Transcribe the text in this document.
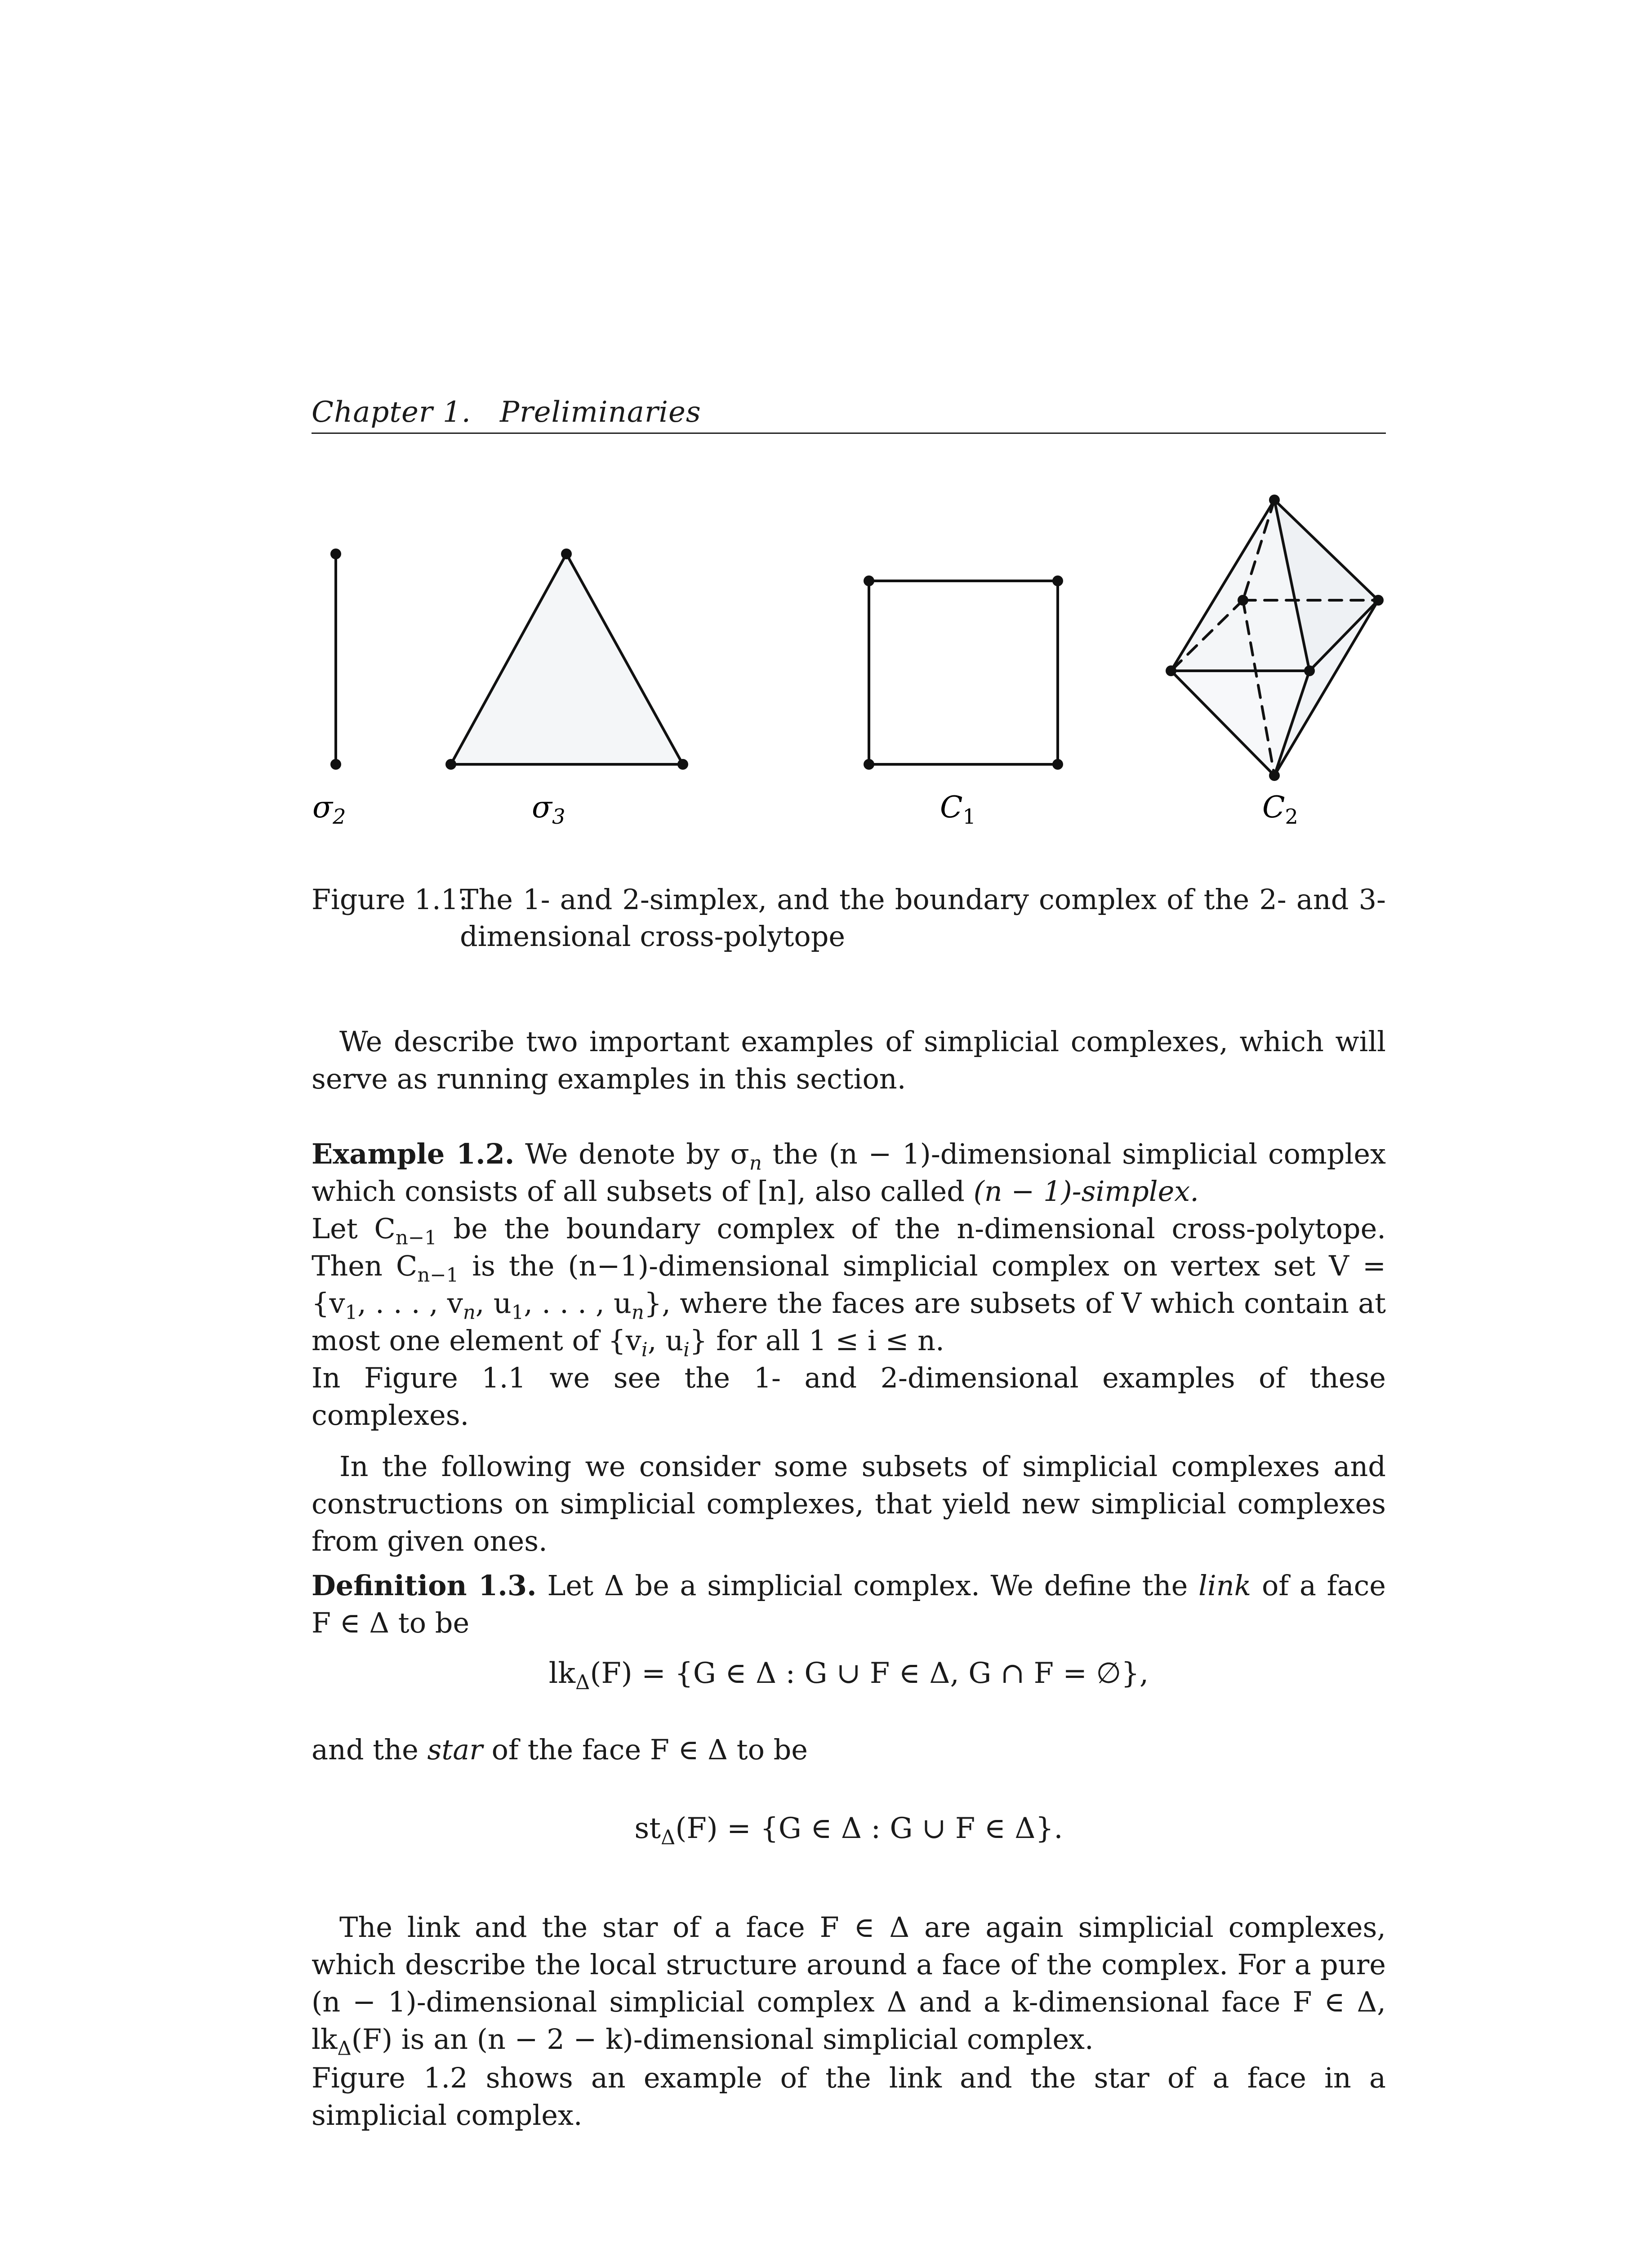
Chapter 1.   Preliminaries
$\sigma_2$	$\sigma_3$	$C_1$	$C_2$
Figure 1.1:
The 1- and 2-simplex, and the boundary complex of the 2- and 3-dimensional cross-polytope
We describe two important examples of simplicial complexes, which will serve as running examples in this section.
Example 1.2. We denote by $\sigma_n$ the (n − 1)-dimensional simplicial complex which consists of all subsets of [n], also called (n − 1)-simplex.
Let $C_{n-1}$ be the boundary complex of the n-dimensional cross-polytope. Then $C_{n-1}$ is the (n−1)-dimensional simplicial complex on vertex set $V = \{v_1$, . . . , $v_n$, $u_1$, . . . , $u_n$}, where the faces are subsets of V which contain at most one element of {$v_i$, $u_i$} for all 1 ≤ i ≤ n.
In Figure 1.1 we see the 1- and 2-dimensional examples of these complexes.
In the following we consider some subsets of simplicial complexes and constructions on simplicial complexes, that yield new simplicial complexes from given ones.
Definition 1.3. Let Δ be a simplicial complex. We define the link of a face F ∈ Δ to be
$lk_\Delta(F) = \{G$ ∈ Δ : G ∪ F ∈ Δ, G ∩ F = ∅},
and the star of the face F ∈ Δ to be
$st_\Delta(F) = \{G$ ∈ Δ : G ∪ F ∈ Δ}.
The link and the star of a face F ∈ Δ are again simplicial complexes, which describe the local structure around a face of the complex. For a pure (n − 1)-dimensional simplicial complex Δ and a k-dimensional face F ∈ Δ, $lk_\Delta(F)$ is an (n − 2 − k)-dimensional simplicial complex.
Figure 1.2 shows an example of the link and the star of a face in a simplicial complex.
